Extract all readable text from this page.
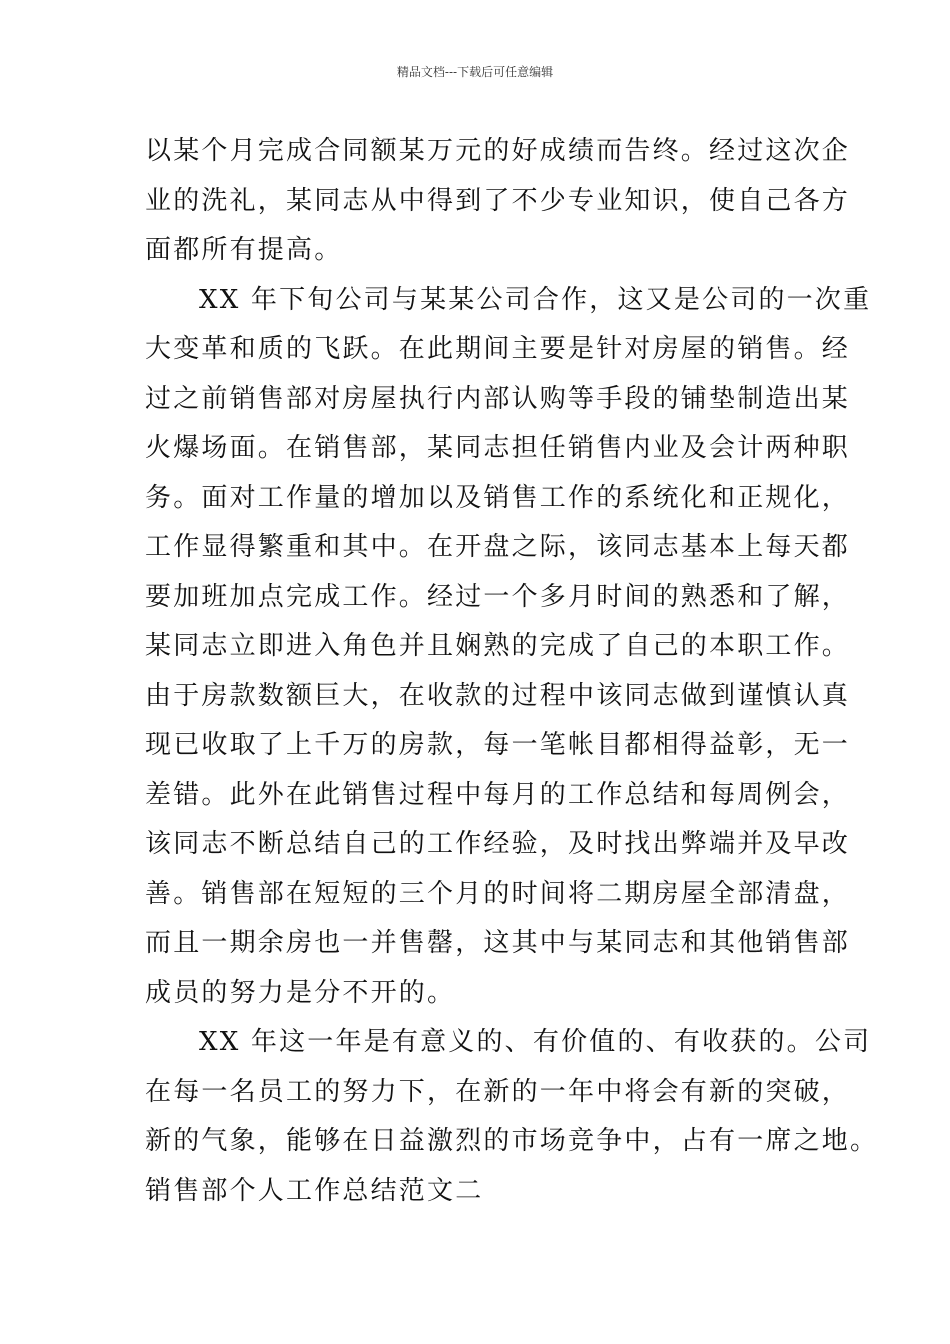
精品文档---下载后可任意编辑
以某个月完成合同额某万元的好成绩而告终。经过这次企
业的洗礼，某同志从中得到了不少专业知识，使自己各方
面都所有提高。
XX 年下旬公司与某某公司合作，这又是公司的一次重
大变革和质的飞跃。在此期间主要是针对房屋的销售。经
过之前销售部对房屋执行内部认购等手段的铺垫制造出某
火爆场面。在销售部，某同志担任销售内业及会计两种职
务。面对工作量的增加以及销售工作的系统化和正规化，
工作显得繁重和其中。在开盘之际，该同志基本上每天都
要加班加点完成工作。经过一个多月时间的熟悉和了解，
某同志立即进入角色并且娴熟的完成了自己的本职工作。
由于房款数额巨大，在收款的过程中该同志做到谨慎认真
现已收取了上千万的房款，每一笔帐目都相得益彰，无一
差错。此外在此销售过程中每月的工作总结和每周例会，
该同志不断总结自己的工作经验，及时找出弊端并及早改
善。销售部在短短的三个月的时间将二期房屋全部清盘，
而且一期余房也一并售罄，这其中与某同志和其他销售部
成员的努力是分不开的。
XX 年这一年是有意义的、有价值的、有收获的。公司
在每一名员工的努力下，在新的一年中将会有新的突破，
新的气象，能够在日益激烈的市场竞争中，占有一席之地。
销售部个人工作总结范文二
